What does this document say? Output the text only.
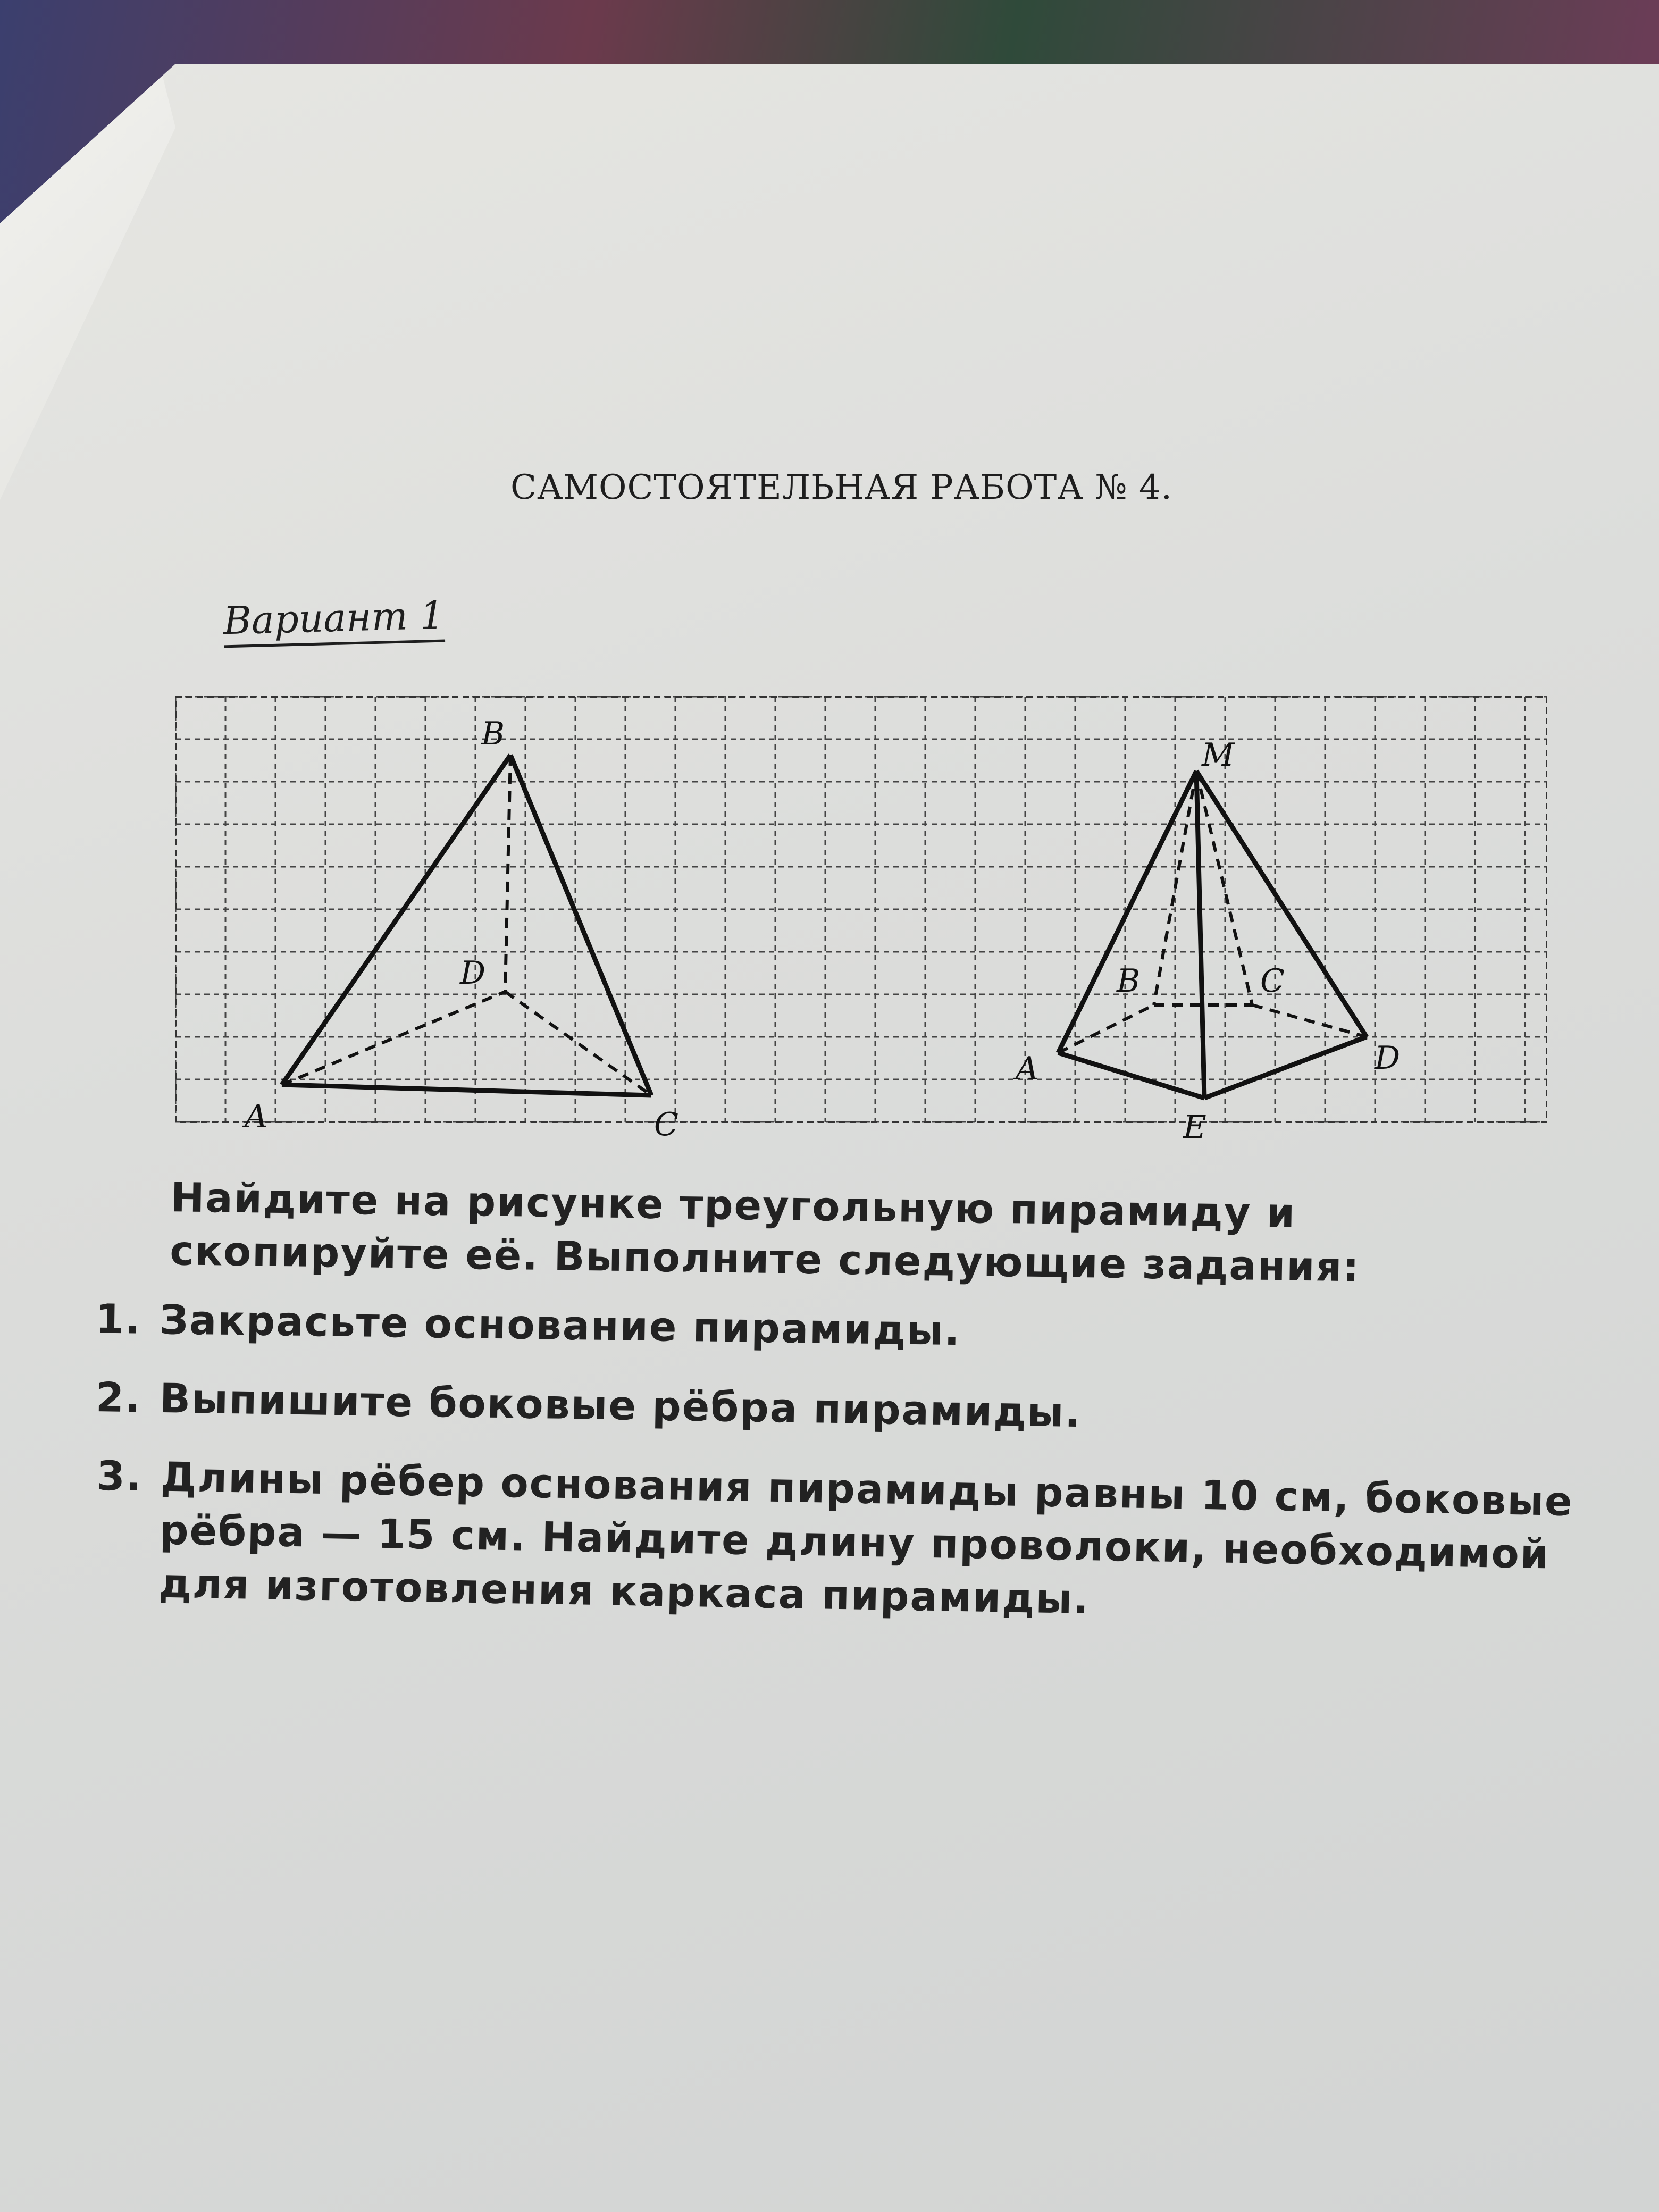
САМОСТОЯТЕЛЬНАЯ РАБОТА № 4.
Вариант 1
B
D
A	C
M
B	C
A	D
E
Найдите на рисунке треугольную пирамиду и скопируйте её. Выполните следующие задания:
1. Закрасьте основание пирамиды.
2. Выпишите боковые рёбра пирамиды.
3. Длины рёбер основания пирамиды равны 10 см, боковые рёбра — 15 см. Найдите длину проволоки, необходимой для изготовления каркаса пирамиды.
